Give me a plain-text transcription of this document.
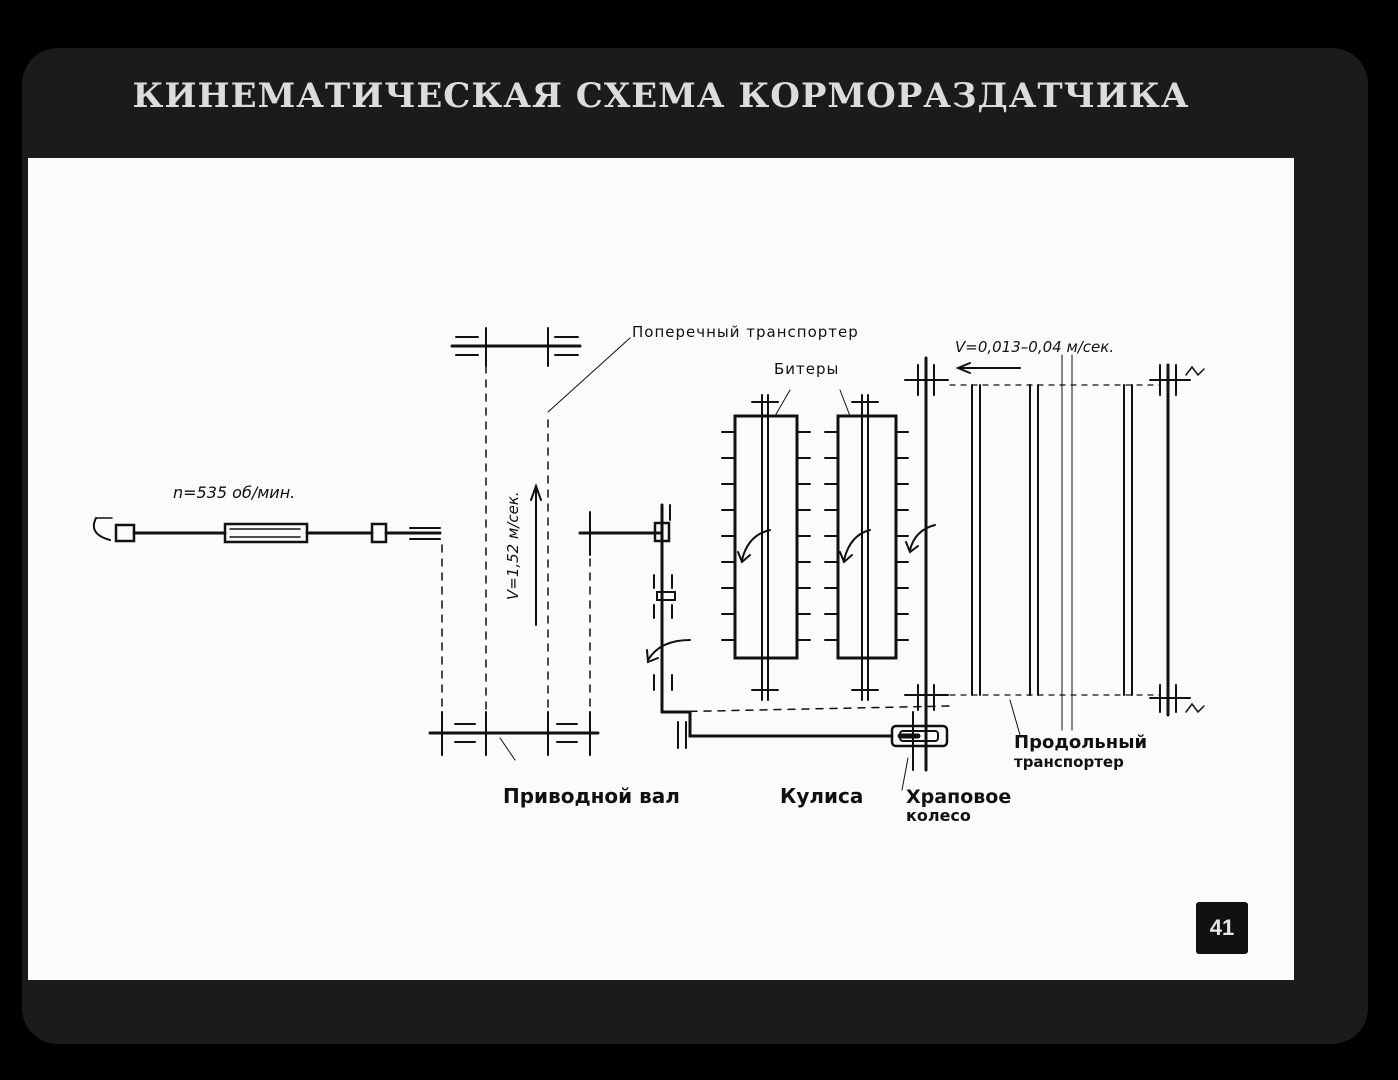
КИНЕМАТИЧЕСКАЯ СХЕМА КОРМОРАЗДАТЧИКА
Поперечный транспортер
Битеры
V=0,013–0,04 м/сек.
n=535 об/мин.	V=1,52 м/сек.
Приводной вал	Кулиса Храповое
колесо
Продольный
транспортер
41
